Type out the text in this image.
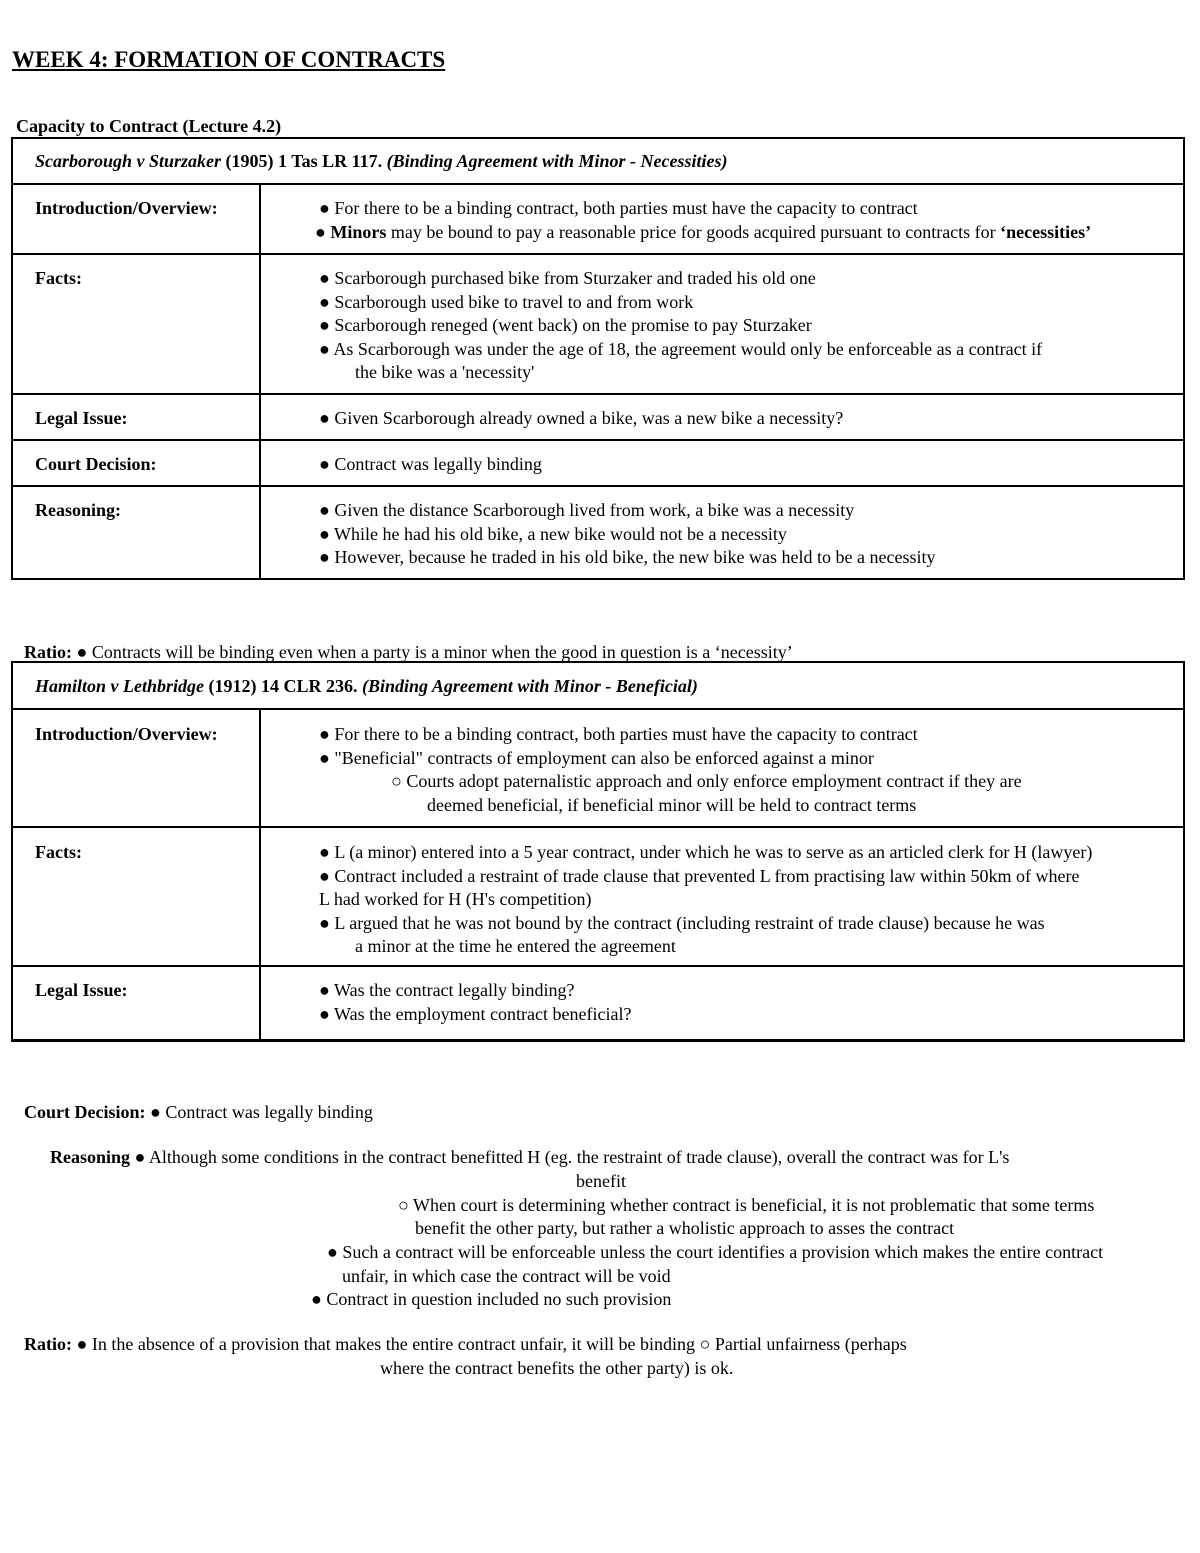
WEEK 4: FORMATION OF CONTRACTS
Capacity to Contract (Lecture 4.2)
Scarborough v Sturzaker (1905) 1 Tas LR 117. (Binding Agreement with Minor - Necessities)
Introduction/Overview:	● For there to be a binding contract, both parties must have the capacity to contract
● Minors may be bound to pay a reasonable price for goods acquired pursuant to contracts for ‘necessities’
Facts:	● Scarborough purchased bike from Sturzaker and traded his old one
● Scarborough used bike to travel to and from work
● Scarborough reneged (went back) on the promise to pay Sturzaker
● As Scarborough was under the age of 18, the agreement would only be enforceable as a contract if
the bike was a 'necessity'
Legal Issue:	● Given Scarborough already owned a bike, was a new bike a necessity?
Court Decision:	● Contract was legally binding
Reasoning:	● Given the distance Scarborough lived from work, a bike was a necessity
● While he had his old bike, a new bike would not be a necessity
● However, because he traded in his old bike, the new bike was held to be a necessity
Ratio: ● Contracts will be binding even when a party is a minor when the good in question is a ‘necessity’
Hamilton v Lethbridge (1912) 14 CLR 236. (Binding Agreement with Minor - Beneficial)
Introduction/Overview:	● For there to be a binding contract, both parties must have the capacity to contract
● "Beneficial" contracts of employment can also be enforced against a minor
○ Courts adopt paternalistic approach and only enforce employment contract if they are
deemed beneficial, if beneficial minor will be held to contract terms
Facts:	● L (a minor) entered into a 5 year contract, under which he was to serve as an articled clerk for H (lawyer)
● Contract included a restraint of trade clause that prevented L from practising law within 50km of where
L had worked for H (H's competition)
● L argued that he was not bound by the contract (including restraint of trade clause) because he was
a minor at the time he entered the agreement
Legal Issue:	● Was the contract legally binding?
● Was the employment contract beneficial?
Court Decision: ● Contract was legally binding
Reasoning ● Although some conditions in the contract benefitted H (eg. the restraint of trade clause), overall the contract was for L's
benefit
○ When court is determining whether contract is beneficial, it is not problematic that some terms
benefit the other party, but rather a wholistic approach to asses the contract
● Such a contract will be enforceable unless the court identifies a provision which makes the entire contract
unfair, in which case the contract will be void
● Contract in question included no such provision
Ratio: ● In the absence of a provision that makes the entire contract unfair, it will be binding ○ Partial unfairness (perhaps
where the contract benefits the other party) is ok.
